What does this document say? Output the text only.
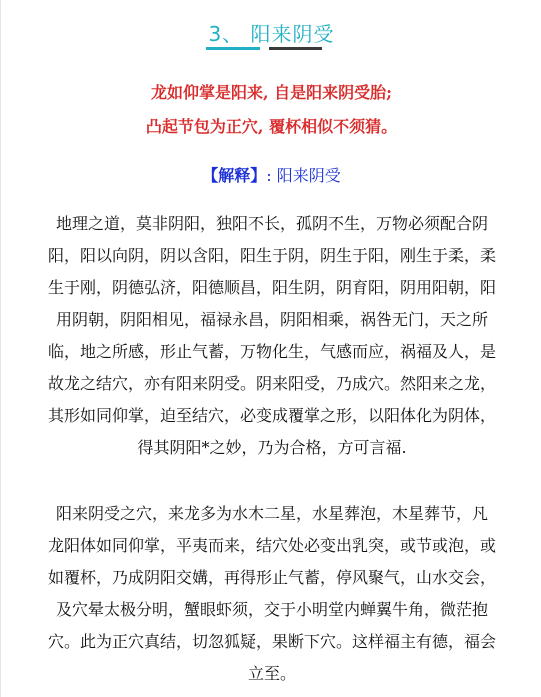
3、 阳来阴受
龙如仰掌是阳来, 自是阳来阴受胎;
凸起节包为正穴, 覆杯相似不须猜。
【解释】: 阳来阴受
地理之道，莫非阴阳，独阳不长，孤阴不生，万物必须配合阴
阳，阳以向阴，阴以含阳，阳生于阴，阴生于阳，刚生于柔，柔
生于刚，阴德弘济，阳德顺昌，阳生阴，阴育阳，阴用阳朝，阳
用阴朝，阴阳相见，福禄永昌，阴阳相乘，祸咎无门，天之所
临，地之所感，形止气蓄，万物化生，气感而应，祸福及人，是
故龙之结穴，亦有阳来阴受。阴来阳受，乃成穴。然阳来之龙，
其形如同仰掌，迫至结穴，必变成覆掌之形，以阳体化为阴体，
得其阴阳*之妙，乃为合格，方可言福.
阳来阴受之穴，来龙多为水木二星，水星葬泡，木星葬节，凡
龙阳体如同仰掌，平夷而来，结穴处必变出乳突，或节或泡，或
如覆杯，乃成阴阳交媾，再得形止气蓄，停风聚气，山水交会，
及穴晕太极分明，蟹眼虾须，交于小明堂内蝉翼牛角，微茫抱
穴。此为正穴真结，切忽狐疑，果断下穴。这样福主有德，福会
立至。
